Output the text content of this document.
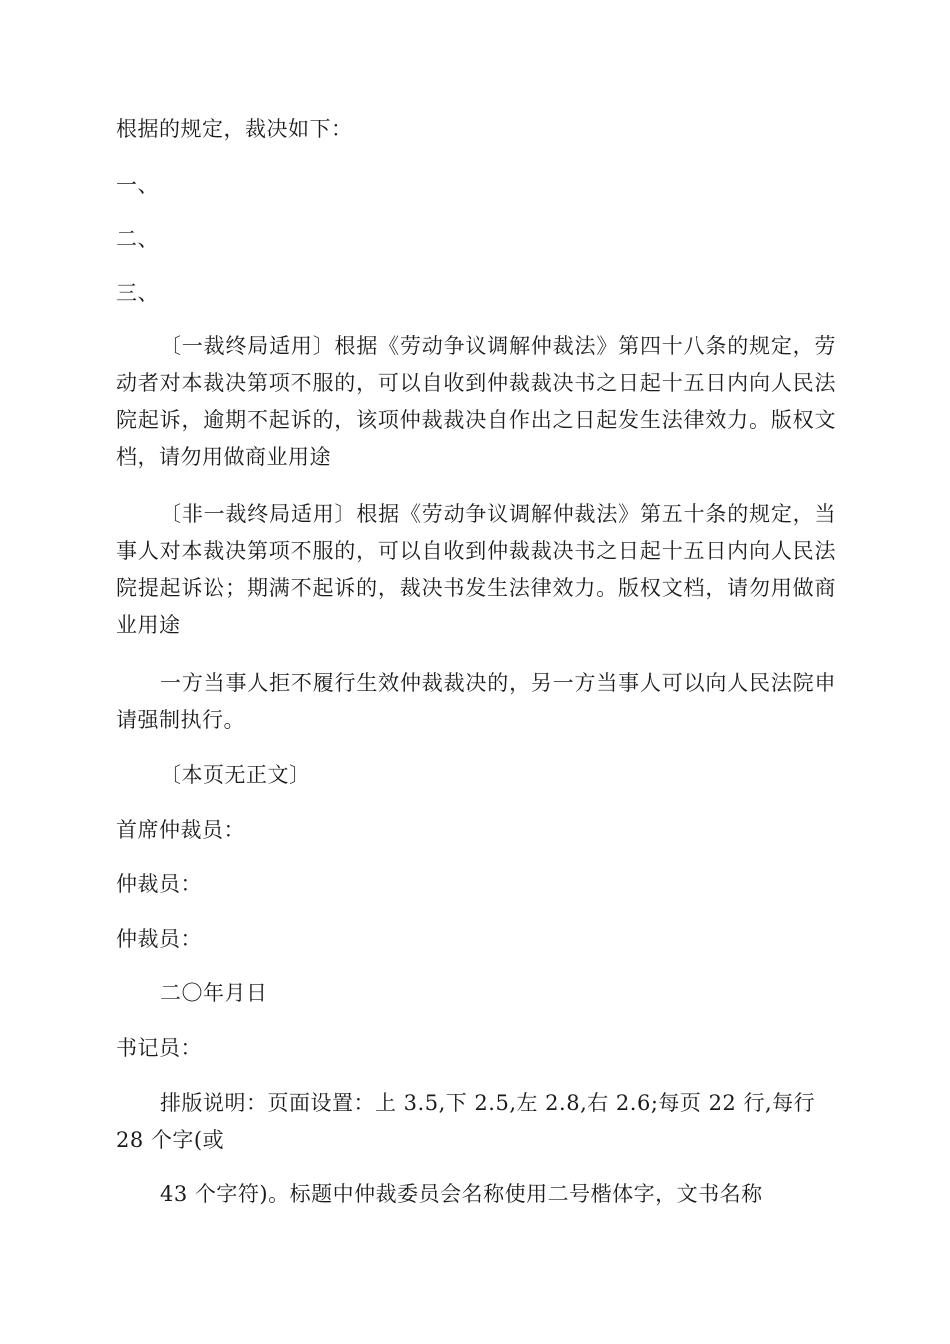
根据的规定，裁决如下：
一、
二、
三、
〔一裁终局适用〕根据《劳动争议调解仲裁法》第四十八条的规定，劳动者对本裁决第项不服的，可以自收到仲裁裁决书之日起十五日内向人民法院起诉，逾期不起诉的，该项仲裁裁决自作出之日起发生法律效力。版权文档，请勿用做商业用途
〔非一裁终局适用〕根据《劳动争议调解仲裁法》第五十条的规定，当事人对本裁决第项不服的，可以自收到仲裁裁决书之日起十五日内向人民法院提起诉讼；期满不起诉的，裁决书发生法律效力。版权文档，请勿用做商业用途
一方当事人拒不履行生效仲裁裁决的，另一方当事人可以向人民法院申请强制执行。
〔本页无正文〕
首席仲裁员：
仲裁员：
仲裁员：
二〇年月日
书记员：
排版说明：页面设置：上 3.5,下 2.5,左 2.8,右 2.6;每页 22 行,每行
28 个字(或
43 个字符)。标题中仲裁委员会名称使用二号楷体字，文书名称
